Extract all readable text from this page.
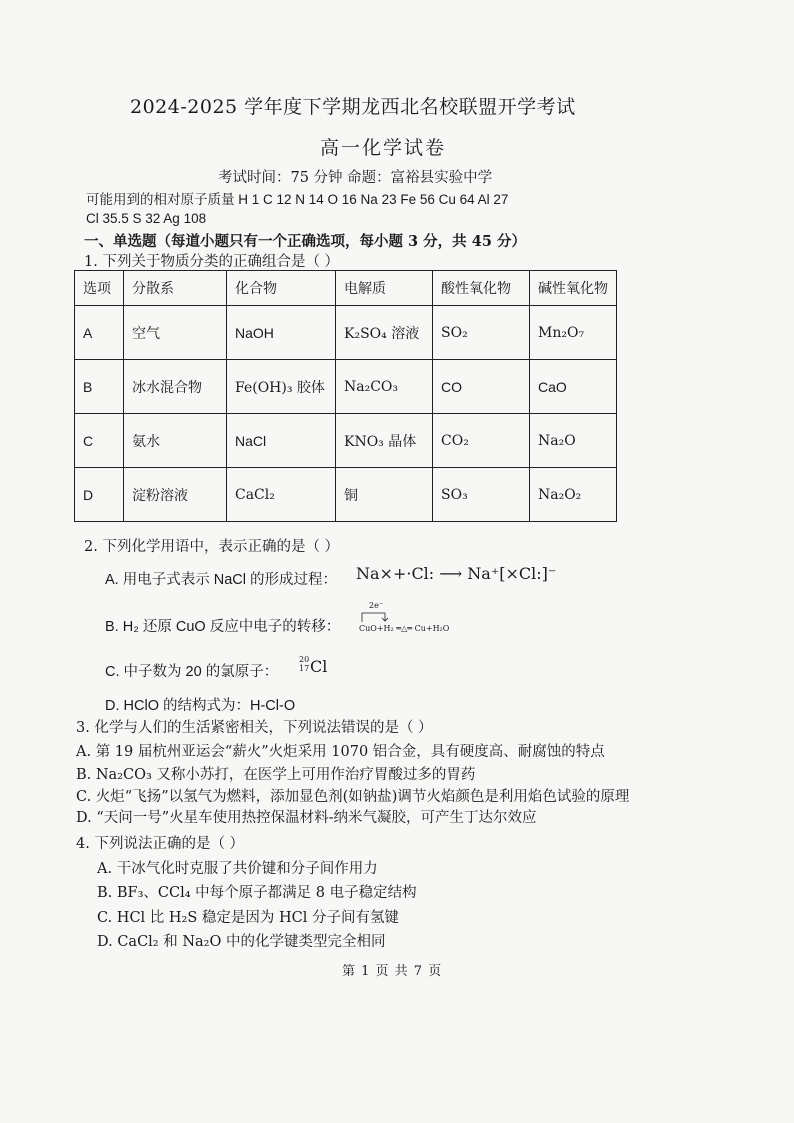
2024-2025 学年度下学期龙西北名校联盟开学考试
高一化学试卷
考试时间：75 分钟 命题：富裕县实验中学
可能用到的相对原子质量 H 1 C 12 N 14 O 16 Na 23 Fe 56 Cu 64 Al 27
Cl 35.5 S 32 Ag 108
一、单选题（每道小题只有一个正确选项，每小题 3 分，共 45 分）
1. 下列关于物质分类的正确组合是（ ）
选项	分散系	化合物	电解质	酸性氧化物	碱性氧化物
A	空气	NaOH	K₂SO₄ 溶液	SO₂	Mn₂O₇
B	冰水混合物	Fe(OH)₃ 胶体	Na₂CO₃	CO	CaO
C	氨水	NaCl	KNO₃ 晶体	CO₂	Na₂O
D	淀粉溶液	CaCl₂	铜	SO₃	Na₂O₂
2. 下列化学用语中，表示正确的是（ ）
A. 用电子式表示 NaCl 的形成过程： Na×+·Cl: ⟶ Na⁺[×Cl:]⁻
B. H₂ 还原 CuO 反应中电子的转移：
2e⁻
CuO+H₂ ═△═ Cu+H₂O
C. 中子数为 20 的氯原子：
20
17 Cl
D. HClO 的结构式为：H-Cl-O
3. 化学与人们的生活紧密相关，下列说法错误的是（ ）
A. 第 19 届杭州亚运会“薪火”火炬采用 1070 铝合金，具有硬度高、耐腐蚀的特点
B. Na₂CO₃ 又称小苏打，在医学上可用作治疗胃酸过多的胃药
C. 火炬“飞扬”以氢气为燃料，添加显色剂(如钠盐)调节火焰颜色是利用焰色试验的原理
D. “天问一号”火星车使用热控保温材料-纳米气凝胶，可产生丁达尔效应
4. 下列说法正确的是（ ）
A. 干冰气化时克服了共价键和分子间作用力
B. BF₃、CCl₄ 中每个原子都满足 8 电子稳定结构
C. HCl 比 H₂S 稳定是因为 HCl 分子间有氢键
D. CaCl₂ 和 Na₂O 中的化学键类型完全相同
第 1 页 共 7 页
